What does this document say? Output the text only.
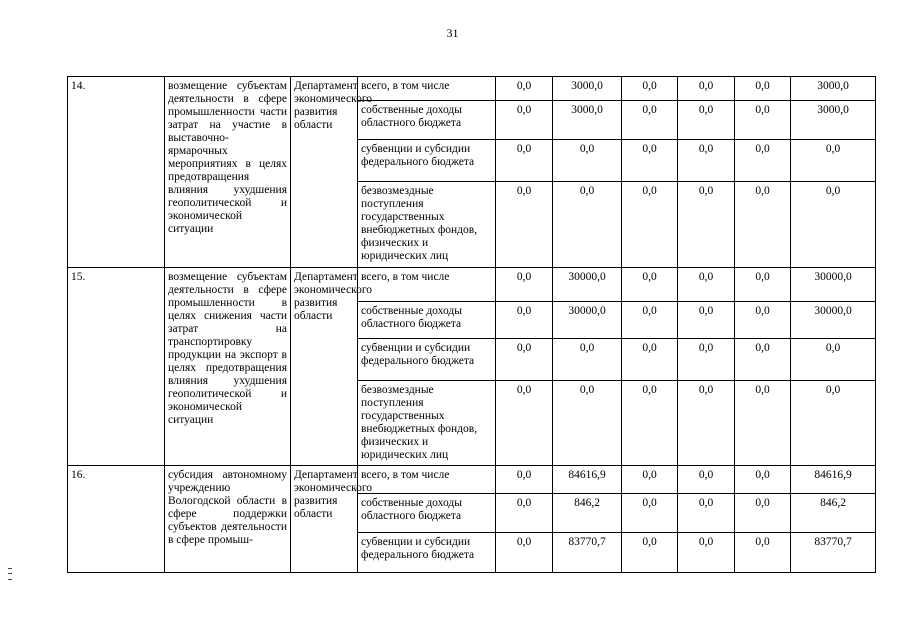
31
14.	возмещение субъектам деятельности в сфере промышленности части затрат на участие в выставочно-ярмарочных мероприятиях в целях предотвращения влияния ухудшения геополитической и экономической ситуации	Департамент экономического развития области	всего, в том числе	0,0	3000,0	0,0	0,0	0,0	3000,0
			собственные доходы областного бюджета	0,0	3000,0	0,0	0,0	0,0	3000,0
			субвенции и субсидии федерального бюджета	0,0	0,0	0,0	0,0	0,0	0,0
			безвозмездные поступления государственных внебюджетных фондов, физических и юридических лиц	0,0	0,0	0,0	0,0	0,0	0,0
15.	возмещение субъектам деятельности в сфере промышленности в целях снижения части затрат на транспортировку продукции на экспорт в целях предотвращения влияния ухудшения геополитической и экономической ситуации	Департамент экономического развития области	всего, в том числе	0,0	30000,0	0,0	0,0	0,0	30000,0
			собственные доходы областного бюджета	0,0	30000,0	0,0	0,0	0,0	30000,0
			субвенции и субсидии федерального бюджета	0,0	0,0	0,0	0,0	0,0	0,0
			безвозмездные поступления государственных внебюджетных фондов, физических и юридических лиц	0,0	0,0	0,0	0,0	0,0	0,0
16.	субсидия автономному учреждению Вологодской области в сфере поддержки субъектов деятельности в сфере промыш-	Департамент экономического развития области	всего, в том числе	0,0	84616,9	0,0	0,0	0,0	84616,9
			собственные доходы областного бюджета	0,0	846,2	0,0	0,0	0,0	846,2
			субвенции и субсидии федерального бюджета	0,0	83770,7	0,0	0,0	0,0	83770,7
